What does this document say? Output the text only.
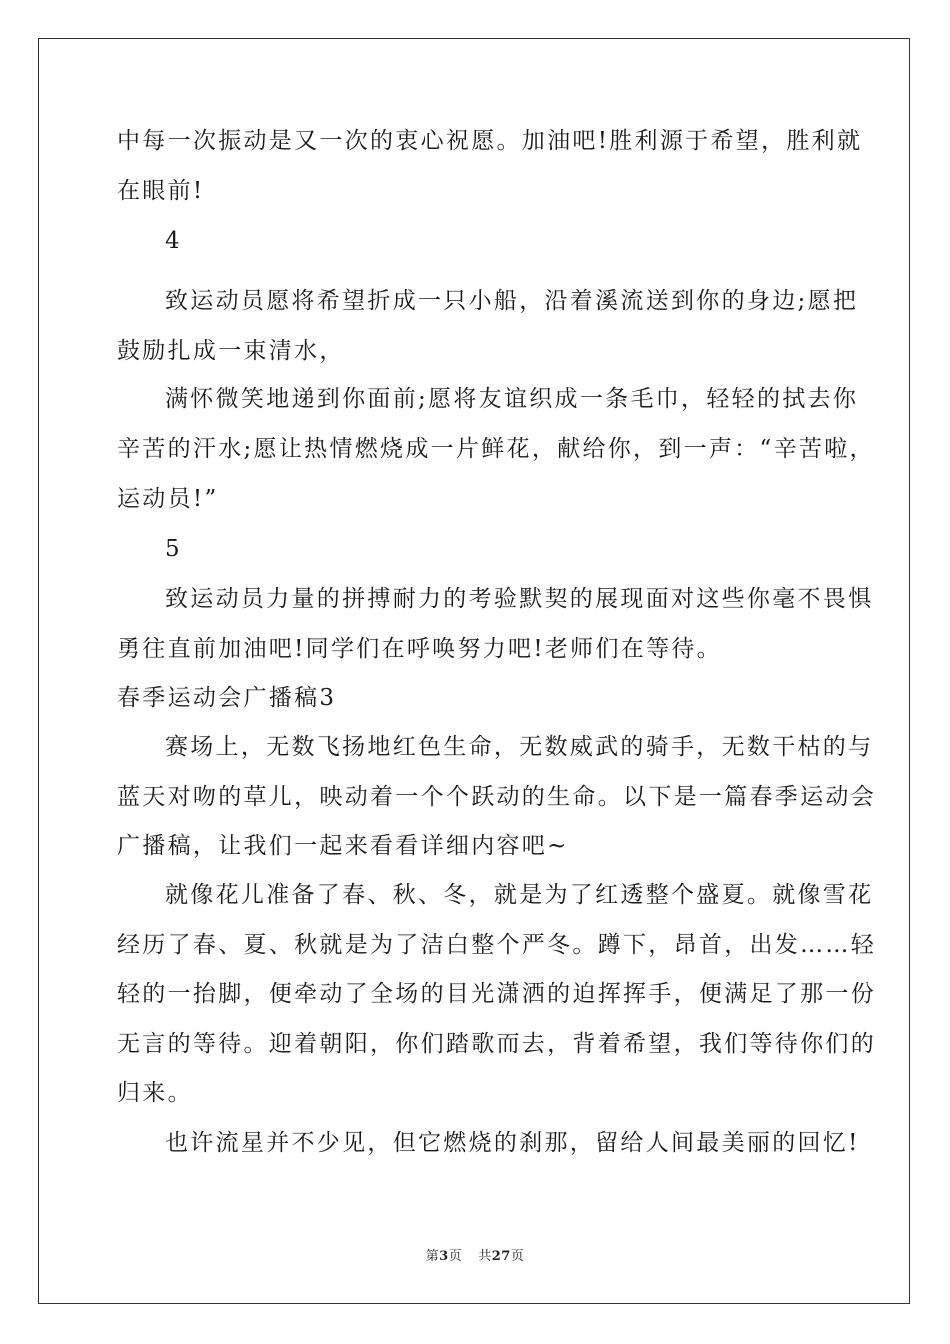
中每一次振动是又一次的衷心祝愿。加油吧!胜利源于希望，胜利就
在眼前!
4
致运动员愿将希望折成一只小船，沿着溪流送到你的身边;愿把
鼓励扎成一束清水，
满怀微笑地递到你面前;愿将友谊织成一条毛巾，轻轻的拭去你
辛苦的汗水;愿让热情燃烧成一片鲜花，献给你，到一声：“辛苦啦，
运动员!”
5
致运动员力量的拼搏耐力的考验默契的展现面对这些你毫不畏惧
勇往直前加油吧!同学们在呼唤努力吧!老师们在等待。
春季运动会广播稿3
赛场上，无数飞扬地红色生命，无数威武的骑手，无数干枯的与
蓝天对吻的草儿，映动着一个个跃动的生命。以下是一篇春季运动会
广播稿，让我们一起来看看详细内容吧~
就像花儿准备了春、秋、冬，就是为了红透整个盛夏。就像雪花
经历了春、夏、秋就是为了洁白整个严冬。蹲下，昂首，出发……轻
轻的一抬脚，便牵动了全场的目光潇洒的迫挥挥手，便满足了那一份
无言的等待。迎着朝阳，你们踏歌而去，背着希望，我们等待你们的
归来。
也许流星并不少见，但它燃烧的刹那，留给人间最美丽的回忆!
第3页 共27页
